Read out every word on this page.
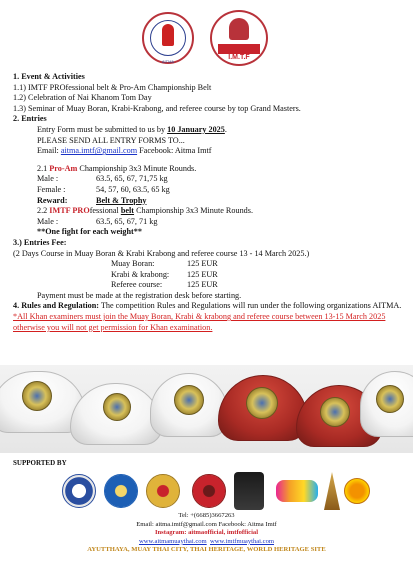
AITMA
I.M.T.F
1. Event & Activities
1.1) IMTF PROfessional belt & Pro-Am Championship Belt
1.2) Celebration of Nai Khanom Tom Day
1.3) Seminar of Muay Boran, Krabi-Krabong, and referee course by top Grand Masters.
2. Entries
Entry Form must be submitted to us by 10 January 2025.
PLEASE SEND ALL ENTRY FORMS TO...
Email: aitma.imtf@gmail.com Facebook: Aitma Imtf
2.1 Pro-Am Championship 3x3 Minute Rounds.
Male :	63.5, 65, 67, 71,75 kg
Female :	54, 57, 60, 63.5, 65 kg
Reward:	Belt & Trophy
2.2 IMTF PROfessional belt Championship 3x3 Minute Rounds.
Male :	63.5, 65, 67, 71 kg
**One fight for each weight**
3.) Entries Fee:
(2 Days Course in Muay Boran & Krabi Krabong and referee course 13 - 14 March 2025.)
Muay Boran:	125 EUR
Krabi & krabong:	125 EUR
Referee course:	125 EUR
Payment must be made at the registration desk before starting.
4. Rules and Regulation: The competition Rules and Regulations will run under the following organizations AITMA.
*All Khan examiners must join the Muay Boran, Krabi & krabong and referee course between 13-15 March 2025 otherwise you will not get permission for Khan examination.
SUPPORTED BY
Tel: +(6685)3667263
Email: aitma.imtf@gmail.com Facebook: Aitma Imtf
Instagram: aitmaofficial, imtfofficial
www.aitmamuaythai.com www.imtfmuaythai.com
AYUTTHAYA, MUAY THAI CITY, THAI HERITAGE, WORLD HERITAGE SITE
